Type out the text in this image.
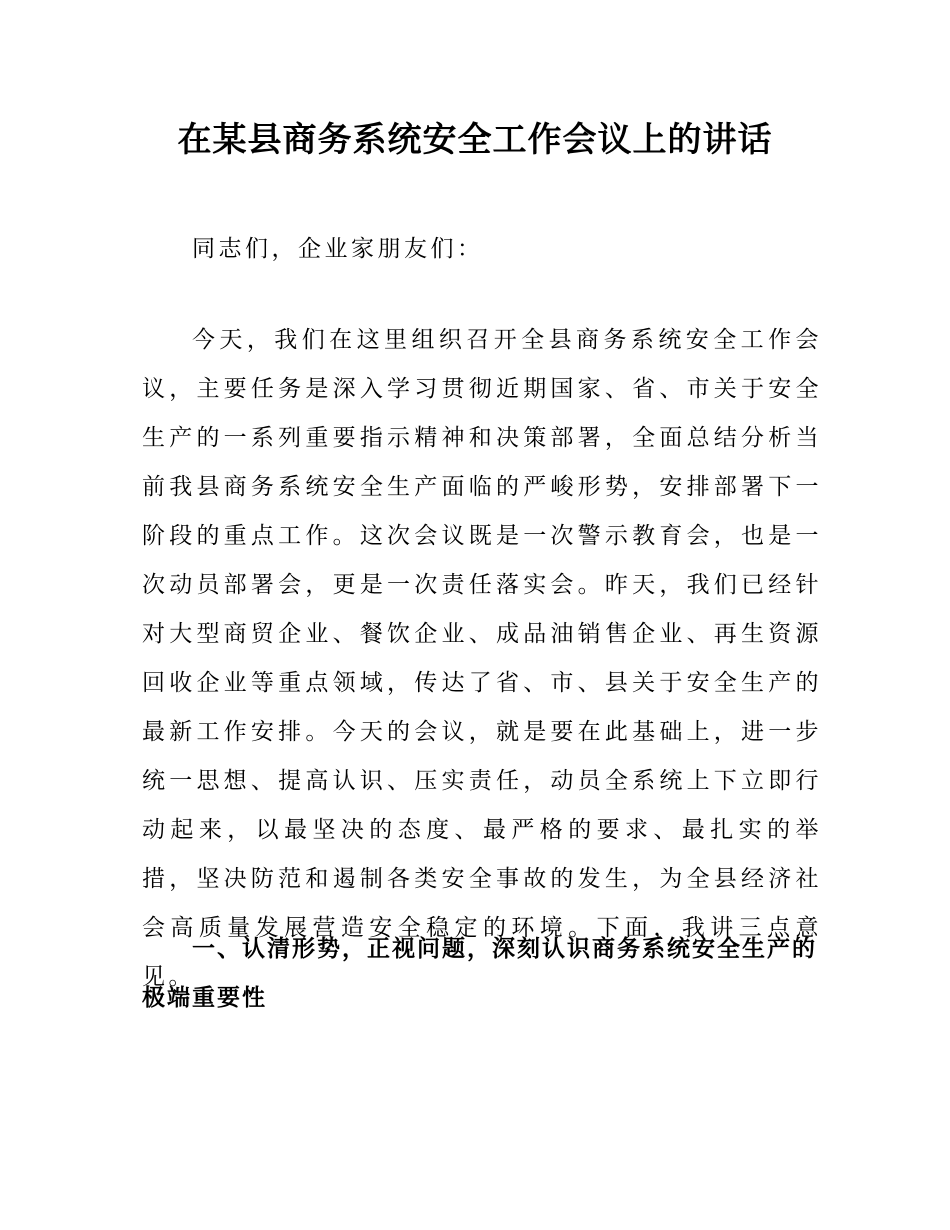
在某县商务系统安全工作会议上的讲话

同志们，企业家朋友们：

今天，我们在这里组织召开全县商务系统安全工作会议，主要任务是深入学习贯彻近期国家、省、市关于安全生产的一系列重要指示精神和决策部署，全面总结分析当前我县商务系统安全生产面临的严峻形势，安排部署下一阶段的重点工作。这次会议既是一次警示教育会，也是一次动员部署会，更是一次责任落实会。昨天，我们已经针对大型商贸企业、餐饮企业、成品油销售企业、再生资源回收企业等重点领域，传达了省、市、县关于安全生产的最新工作安排。今天的会议，就是要在此基础上，进一步统一思想、提高认识、压实责任，动员全系统上下立即行动起来，以最坚决的态度、最严格的要求、最扎实的举措，坚决防范和遏制各类安全事故的发生，为全县经济社会高质量发展营造安全稳定的环境。下面，我讲三点意见。

一、认清形势，正视问题，深刻认识商务系统安全生产的极端重要性
